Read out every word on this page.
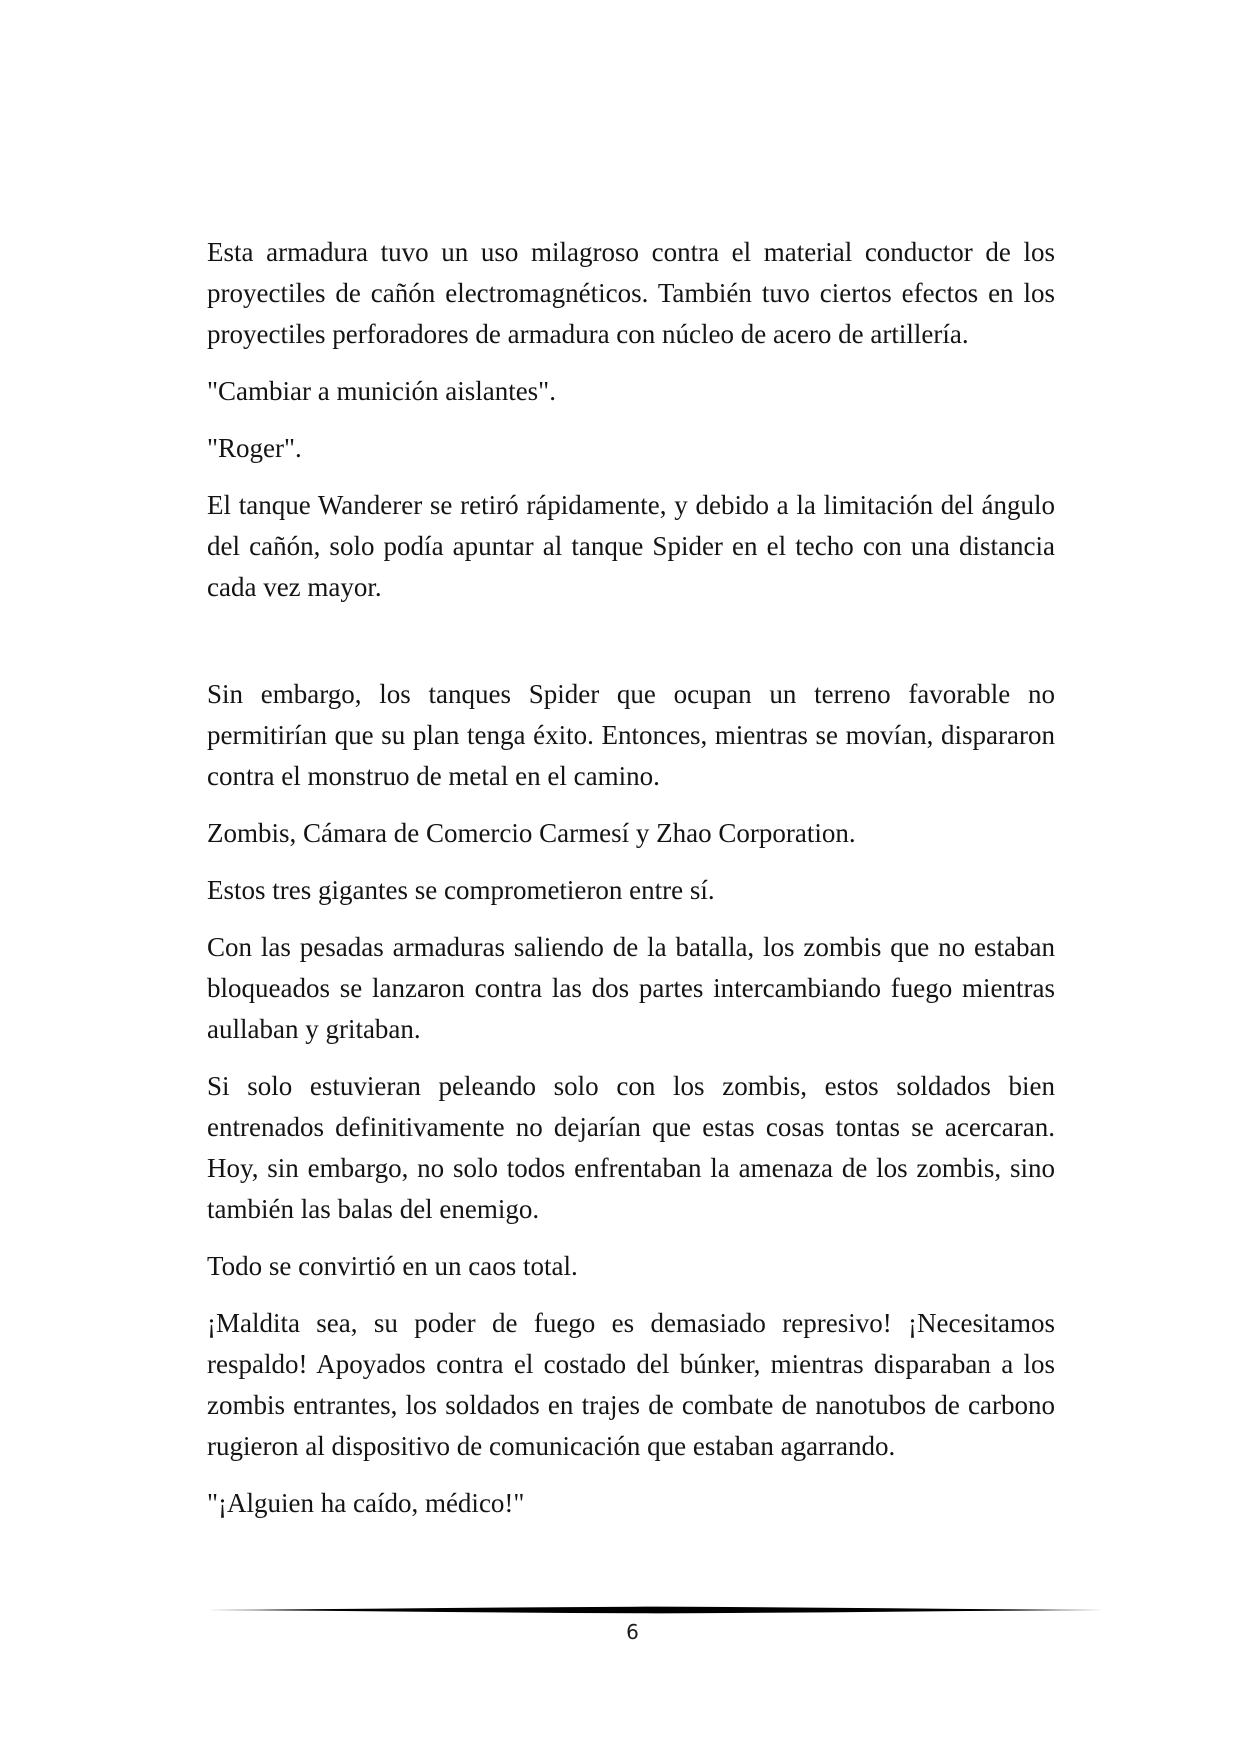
Esta armadura tuvo un uso milagroso contra el material conductor de los proyectiles de cañón electromagnéticos. También tuvo ciertos efectos en los proyectiles perforadores de armadura con núcleo de acero de artillería.

"Cambiar a munición aislantes".

"Roger".

El tanque Wanderer se retiró rápidamente, y debido a la limitación del ángulo del cañón, solo podía apuntar al tanque Spider en el techo con una distancia cada vez mayor.

Sin embargo, los tanques Spider que ocupan un terreno favorable no permitirían que su plan tenga éxito. Entonces, mientras se movían, dispararon contra el monstruo de metal en el camino.

Zombis, Cámara de Comercio Carmesí y Zhao Corporation.

Estos tres gigantes se comprometieron entre sí.

Con las pesadas armaduras saliendo de la batalla, los zombis que no estaban bloqueados se lanzaron contra las dos partes intercambiando fuego mientras aullaban y gritaban.

Si solo estuvieran peleando solo con los zombis, estos soldados bien entrenados definitivamente no dejarían que estas cosas tontas se acercaran. Hoy, sin embargo, no solo todos enfrentaban la amenaza de los zombis, sino también las balas del enemigo.

Todo se convirtió en un caos total.

¡Maldita sea, su poder de fuego es demasiado represivo! ¡Necesitamos respaldo! Apoyados contra el costado del búnker, mientras disparaban a los zombis entrantes, los soldados en trajes de combate de nanotubos de carbono rugieron al dispositivo de comunicación que estaban agarrando.

"¡Alguien ha caído, médico!"

6
